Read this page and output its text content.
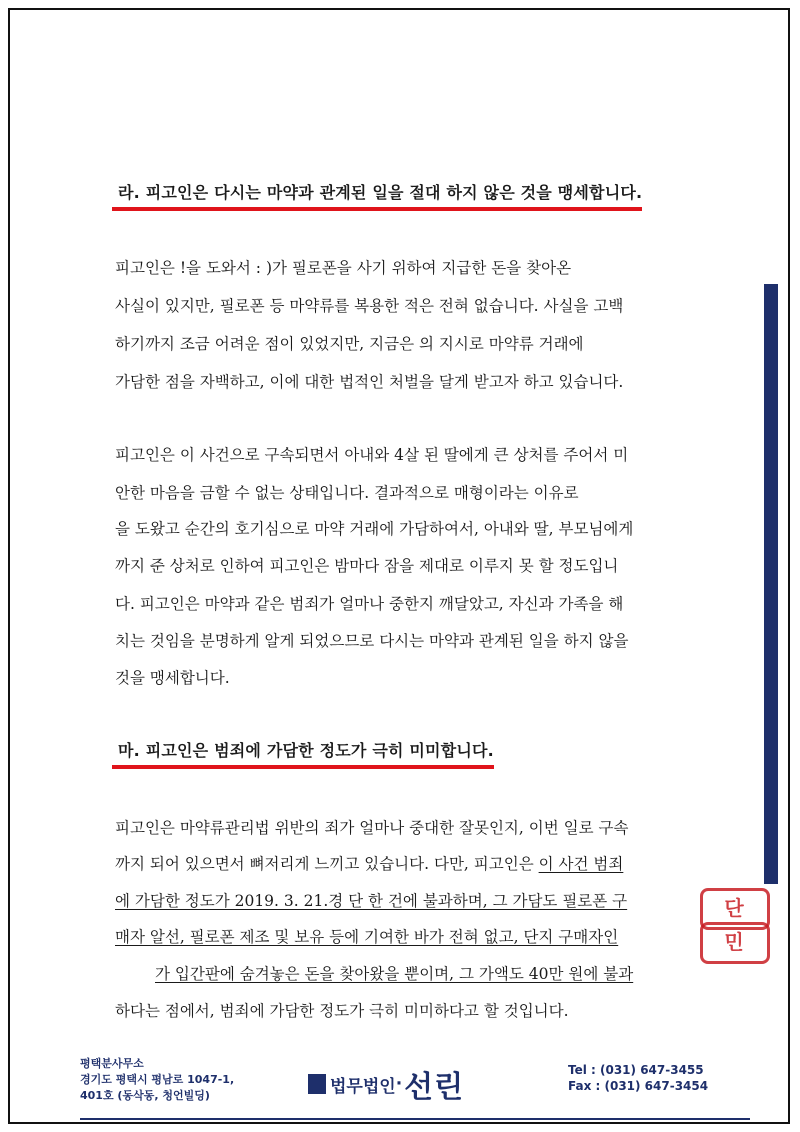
라. 피고인은 다시는 마약과 관계된 일을 절대 하지 않은 것을 맹세합니다.
피고인은 !을 도와서 : )가 필로폰을 사기 위하여 지급한 돈을 찾아온
사실이 있지만, 필로폰 등 마약류를 복용한 적은 전혀 없습니다. 사실을 고백
하기까지 조금 어려운 점이 있었지만, 지금은 의 지시로 마약류 거래에
가담한 점을 자백하고, 이에 대한 법적인 처벌을 달게 받고자 하고 있습니다.
피고인은 이 사건으로 구속되면서 아내와 4살 된 딸에게 큰 상처를 주어서 미
안한 마음을 금할 수 없는 상태입니다. 결과적으로 매형이라는 이유로
을 도왔고 순간의 호기심으로 마약 거래에 가담하여서, 아내와 딸, 부모님에게
까지 준 상처로 인하여 피고인은 밤마다 잠을 제대로 이루지 못 할 정도입니
다. 피고인은 마약과 같은 범죄가 얼마나 중한지 깨달았고, 자신과 가족을 해
치는 것임을 분명하게 알게 되었으므로 다시는 마약과 관계된 일을 하지 않을
것을 맹세합니다.
마. 피고인은 범죄에 가담한 정도가 극히 미미합니다.
피고인은 마약류관리법 위반의 죄가 얼마나 중대한 잘못인지, 이번 일로 구속
까지 되어 있으면서 뼈저리게 느끼고 있습니다. 다만, 피고인은 이 사건 범죄
에 가담한 정도가 2019. 3. 21.경 단 한 건에 불과하며, 그 가담도 필로폰 구
매자 알선, 필로폰 제조 및 보유 등에 기여한 바가 전혀 없고, 단지 구매자인
가 입간판에 숨겨놓은 돈을 찾아왔을 뿐이며, 그 가액도 40만 원에 불과
하다는 점에서, 범죄에 가담한 정도가 극히 미미하다고 할 것입니다.
단
민
평택분사무소
경기도 평택시 평남로 1047-1,
401호 (동삭동, 청언빌딩)	법무법인 · 선린	Tel : (031) 647-3455
Fax : (031) 647-3454
